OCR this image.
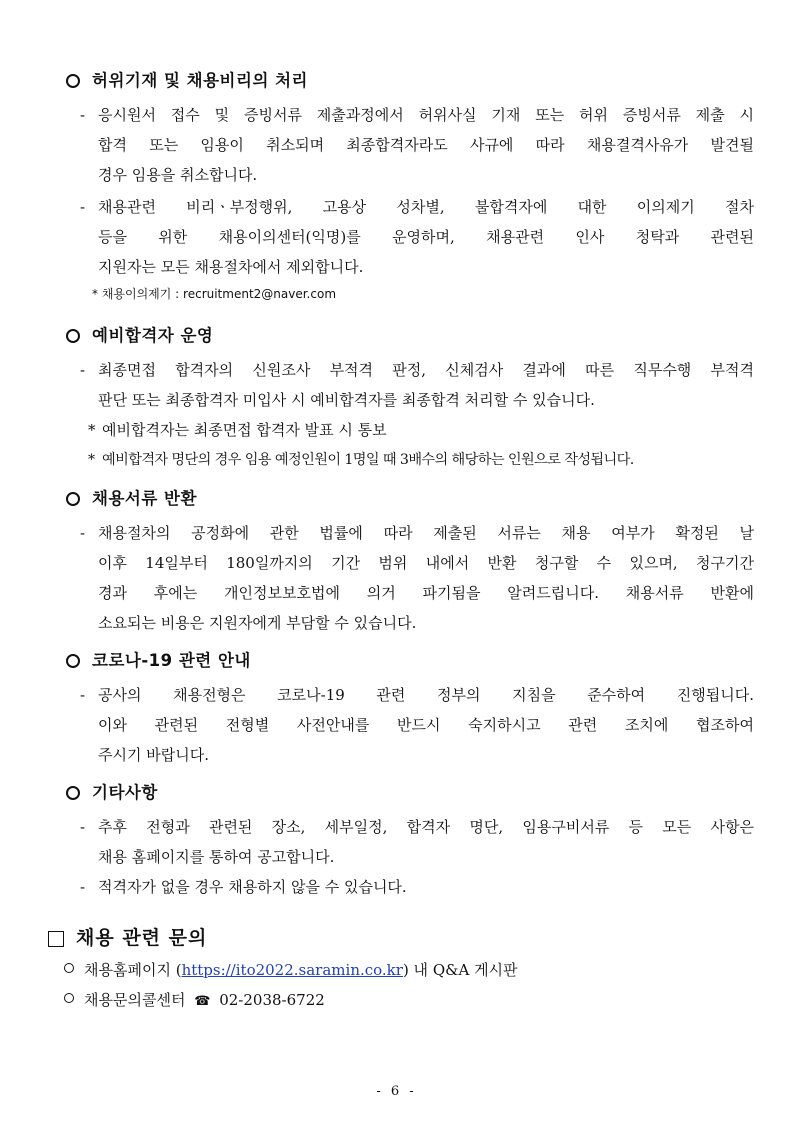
허위기재 및 채용비리의 처리
- 응시원서 접수 및 증빙서류 제출과정에서 허위사실 기재 또는 허위 증빙서류 제출 시
합격 또는 임용이 취소되며 최종합격자라도 사규에 따라 채용결격사유가 발견될
경우 임용을 취소합니다.
- 채용관련 비리ㆍ부정행위, 고용상 성차별, 불합격자에 대한 이의제기 절차
등을 위한 채용이의센터(익명)를 운영하며, 채용관련 인사 청탁과 관련된
지원자는 모든 채용절차에서 제외합니다.
* 채용이의제기 : recruitment2@naver.com
예비합격자 운영
- 최종면접 합격자의 신원조사 부적격 판정, 신체검사 결과에 따른 직무수행 부적격
판단 또는 최종합격자 미입사 시 예비합격자를 최종합격 처리할 수 있습니다.
* 예비합격자는 최종면접 합격자 발표 시 통보
* 예비합격자 명단의 경우 임용 예정인원이 1명일 때 3배수의 해당하는 인원으로 작성됩니다.
채용서류 반환
- 채용절차의 공정화에 관한 법률에 따라 제출된 서류는 채용 여부가 확정된 날
이후 14일부터 180일까지의 기간 범위 내에서 반환 청구할 수 있으며, 청구기간
경과 후에는 개인정보보호법에 의거 파기됨을 알려드립니다. 채용서류 반환에
소요되는 비용은 지원자에게 부담할 수 있습니다.
코로나-19 관련 안내
- 공사의 채용전형은 코로나-19 관련 정부의 지침을 준수하여 진행됩니다.
이와 관련된 전형별 사전안내를 반드시 숙지하시고 관련 조치에 협조하여
주시기 바랍니다.
기타사항
- 추후 전형과 관련된 장소, 세부일정, 합격자 명단, 임용구비서류 등 모든 사항은
채용 홈페이지를 통하여 공고합니다.
- 적격자가 없을 경우 채용하지 않을 수 있습니다.
채용 관련 문의
채용홈페이지 (https://ito2022.saramin.co.kr) 내 Q&A 게시판
채용문의콜센터 ☎ 02-2038-6722
- 6 -
